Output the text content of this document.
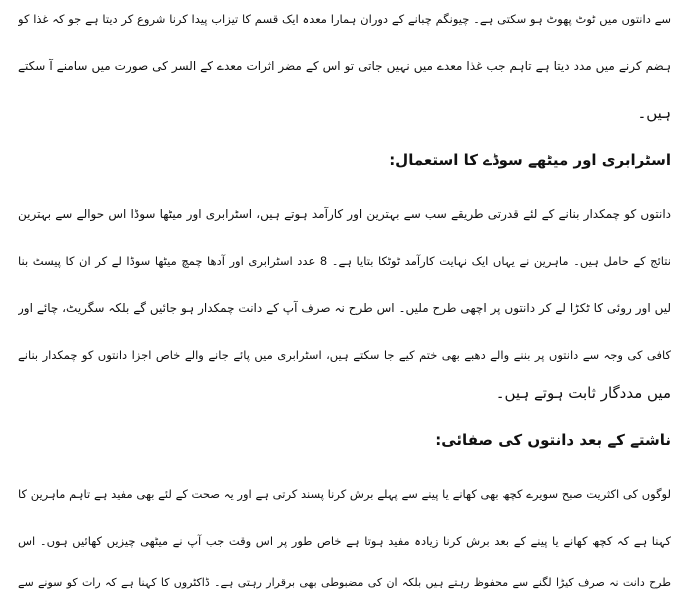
سے دانتوں میں ٹوٹ پھوٹ ہو سکتی ہے۔ چیونگم چبانے کے دوران ہمارا معدہ ایک قسم کا تیزاب پیدا کرنا شروع کر دیتا ہے جو کہ غذا کو
ہضم کرنے میں مدد دیتا ہے تاہم جب غذا معدے میں نہیں جاتی تو اس کے مضر اثرات معدے کے السر کی صورت میں سامنے آ سکتے
ہیں۔
اسٹرابری اور میٹھے سوڈے کا استعمال:
دانتوں کو چمکدار بنانے کے لئے قدرتی طریقے سب سے بہترین اور کارآمد ہوتے ہیں، اسٹرابری اور میٹھا سوڈا اس حوالے سے بہترین
نتائج کے حامل ہیں۔ ماہرین نے یہاں ایک نہایت کارآمد ٹوٹکا بتایا ہے۔ 8 عدد اسٹرابری اور آدھا چمچ میٹھا سوڈا لے کر ان کا پیسٹ بنا
لیں اور روئی کا ٹکڑا لے کر دانتوں پر اچھی طرح ملیں۔ اس طرح نہ صرف آپ کے دانت چمکدار ہو جائیں گے بلکہ سگریٹ، چائے اور
کافی کی وجہ سے دانتوں پر بننے والے دھبے بھی ختم کیے جا سکتے ہیں، اسٹرابری میں پائے جانے والے خاص اجزا دانتوں کو چمکدار بنانے
میں مددگار ثابت ہوتے ہیں۔
ناشتے کے بعد دانتوں کی صفائی:
لوگوں کی اکثریت صبح سویرے کچھ بھی کھانے یا پینے سے پہلے برش کرنا پسند کرتی ہے اور یہ صحت کے لئے بھی مفید ہے تاہم ماہرین کا
کہنا ہے کہ کچھ کھانے یا پینے کے بعد برش کرنا زیادہ مفید ہوتا ہے خاص طور پر اس وقت جب آپ نے میٹھی چیزیں کھائیں ہوں۔ اس
طرح دانت نہ صرف کیڑا لگنے سے محفوظ رہتے ہیں بلکہ ان کی مضبوطی بھی برقرار رہتی ہے۔ ڈاکٹروں کا کہنا ہے کہ رات کو سونے سے
